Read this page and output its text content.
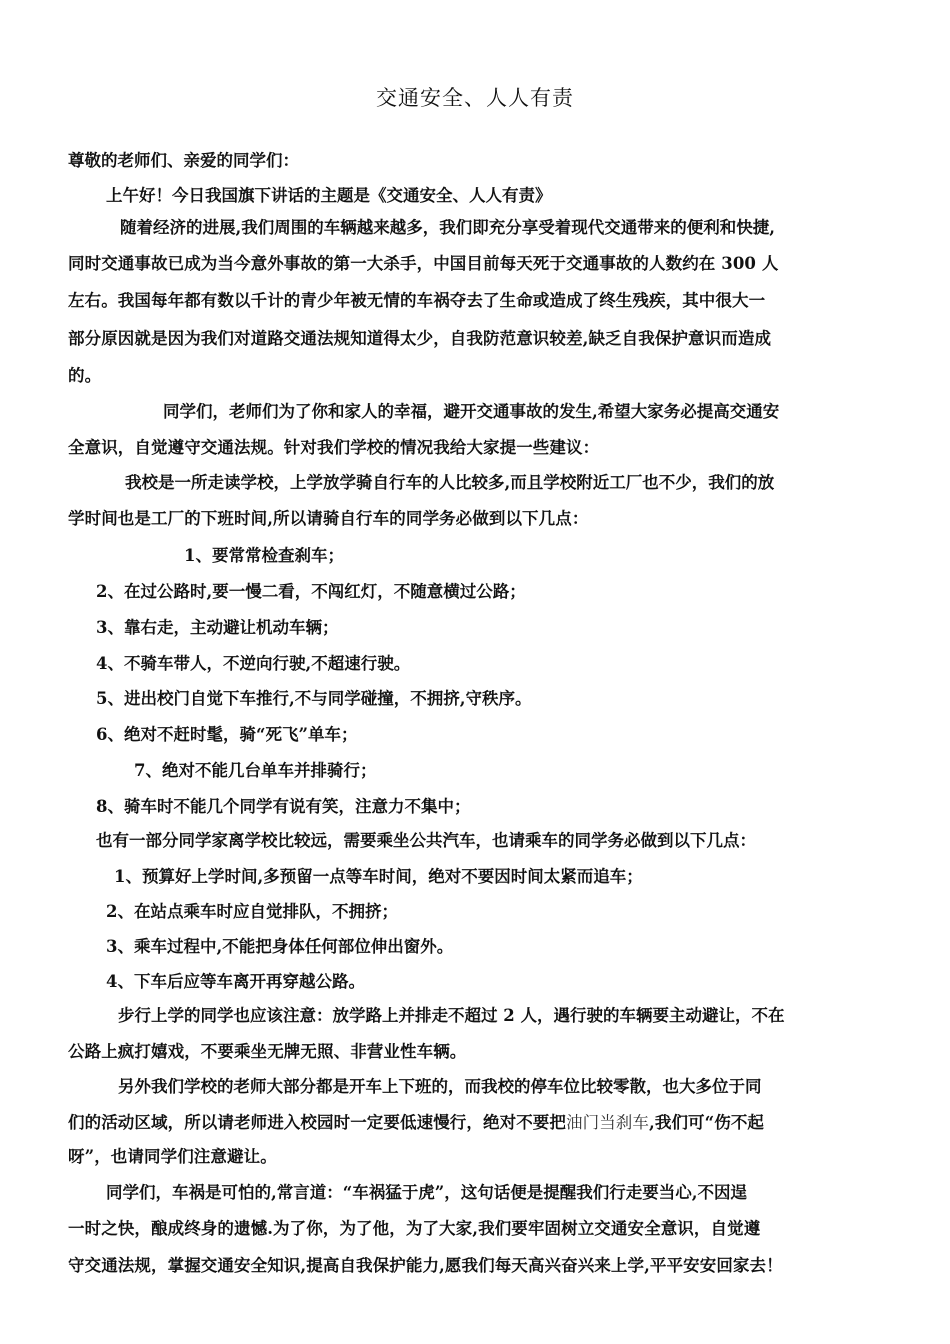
交通安全、人人有责
尊敬的老师们、亲爱的同学们：
上午好！今日我国旗下讲话的主题是《交通安全、人人有责》
随着经济的进展,我们周围的车辆越来越多，我们即充分享受着现代交通带来的便利和快捷,
同时交通事故已成为当今意外事故的第一大杀手，中国目前每天死于交通事故的人数约在 300 人
左右。我国每年都有数以千计的青少年被无情的车祸夺去了生命或造成了终生残疾，其中很大一
部分原因就是因为我们对道路交通法规知道得太少，自我防范意识较差,缺乏自我保护意识而造成
的。
同学们，老师们为了你和家人的幸福，避开交通事故的发生,希望大家务必提高交通安
全意识，自觉遵守交通法规。针对我们学校的情况我给大家提一些建议：
我校是一所走读学校，上学放学骑自行车的人比较多,而且学校附近工厂也不少，我们的放
学时间也是工厂的下班时间,所以请骑自行车的同学务必做到以下几点：
1、要常常检查刹车；
2、在过公路时,要一慢二看，不闯红灯，不随意横过公路；
3、靠右走，主动避让机动车辆；
4、不骑车带人，不逆向行驶,不超速行驶。
5、进出校门自觉下车推行,不与同学碰撞，不拥挤,守秩序。
6、绝对不赶时髦，骑“死飞”单车；
7、绝对不能几台单车并排骑行；
8、骑车时不能几个同学有说有笑，注意力不集中；
也有一部分同学家离学校比较远，需要乘坐公共汽车，也请乘车的同学务必做到以下几点：
1、预算好上学时间,多预留一点等车时间，绝对不要因时间太紧而追车；
2、在站点乘车时应自觉排队，不拥挤；
3、乘车过程中,不能把身体任何部位伸出窗外。
4、下车后应等车离开再穿越公路。
步行上学的同学也应该注意：放学路上并排走不超过 2 人，遇行驶的车辆要主动避让，不在
公路上疯打嬉戏，不要乘坐无牌无照、非营业性车辆。
另外我们学校的老师大部分都是开车上下班的，而我校的停车位比较零散，也大多位于同
们的活动区域，所以请老师进入校园时一定要低速慢行，绝对不要把油门当刹车,我们可“伤不起
呀”，也请同学们注意避让。
同学们，车祸是可怕的,常言道：“车祸猛于虎”，这句话便是提醒我们行走要当心,不因逞
一时之快，酿成终身的遗憾.为了你，为了他，为了大家,我们要牢固树立交通安全意识，自觉遵
守交通法规，掌握交通安全知识,提高自我保护能力,愿我们每天高兴奋兴来上学,平平安安回家去！
